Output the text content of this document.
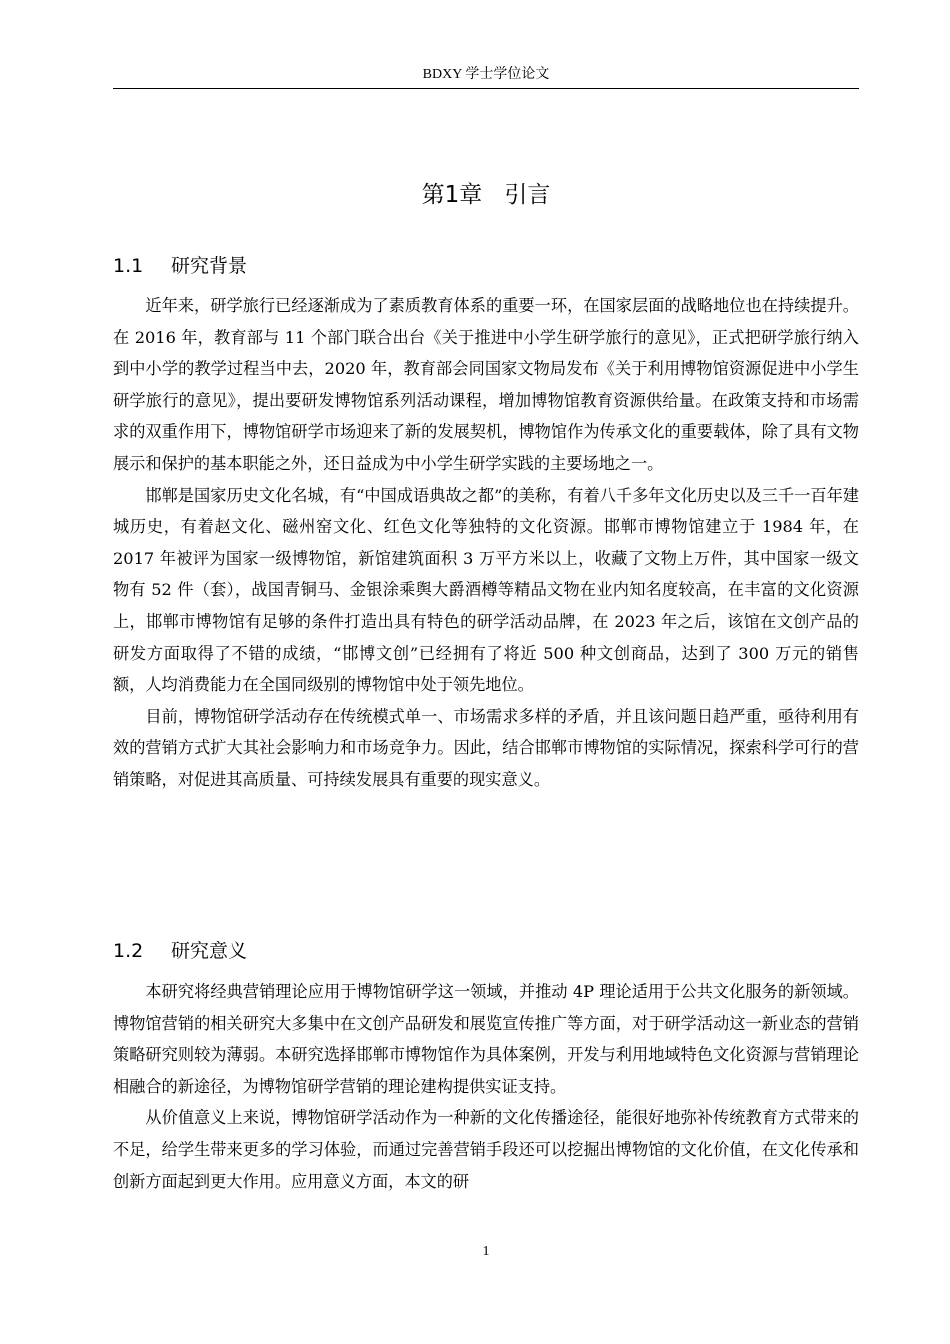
BDXY 学士学位论文
第1章 引言
1.1 研究背景

近年来，研学旅行已经逐渐成为了素质教育体系的重要一环，在国家层面的战略地位也在持续提升。在 2016 年，教育部与 11 个部门联合出台《关于推进中小学生研学旅行的意见》，正式把研学旅行纳入到中小学的教学过程当中去，2020 年，教育部会同国家文物局发布《关于利用博物馆资源促进中小学生研学旅行的意见》，提出要研发博物馆系列活动课程，增加博物馆教育资源供给量。在政策支持和市场需求的双重作用下，博物馆研学市场迎来了新的发展契机，博物馆作为传承文化的重要载体，除了具有文物展示和保护的基本职能之外，还日益成为中小学生研学实践的主要场地之一。

邯郸是国家历史文化名城，有“中国成语典故之都”的美称，有着八千多年文化历史以及三千一百年建城历史，有着赵文化、磁州窑文化、红色文化等独特的文化资源。邯郸市博物馆建立于 1984 年，在 2017 年被评为国家一级博物馆，新馆建筑面积 3 万平方米以上，收藏了文物上万件，其中国家一级文物有 52 件（套），战国青铜马、金银涂乘舆大爵酒樽等精品文物在业内知名度较高，在丰富的文化资源上，邯郸市博物馆有足够的条件打造出具有特色的研学活动品牌，在 2023 年之后，该馆在文创产品的研发方面取得了不错的成绩，“邯博文创”已经拥有了将近 500 种文创商品，达到了 300 万元的销售额，人均消费能力在全国同级别的博物馆中处于领先地位。

目前，博物馆研学活动存在传统模式单一、市场需求多样的矛盾，并且该问题日趋严重，亟待利用有效的营销方式扩大其社会影响力和市场竞争力。因此，结合邯郸市博物馆的实际情况，探索科学可行的营销策略，对促进其高质量、可持续发展具有重要的现实意义。

1.2 研究意义

本研究将经典营销理论应用于博物馆研学这一领域，并推动 4P 理论适用于公共文化服务的新领域。博物馆营销的相关研究大多集中在文创产品研发和展览宣传推广等方面，对于研学活动这一新业态的营销策略研究则较为薄弱。本研究选择邯郸市博物馆作为具体案例，开发与利用地域特色文化资源与营销理论相融合的新途径，为博物馆研学营销的理论建构提供实证支持。

从价值意义上来说，博物馆研学活动作为一种新的文化传播途径，能很好地弥补传统教育方式带来的不足，给学生带来更多的学习体验，而通过完善营销手段还可以挖掘出博物馆的文化价值，在文化传承和创新方面起到更大作用。应用意义方面，本文的研

1
